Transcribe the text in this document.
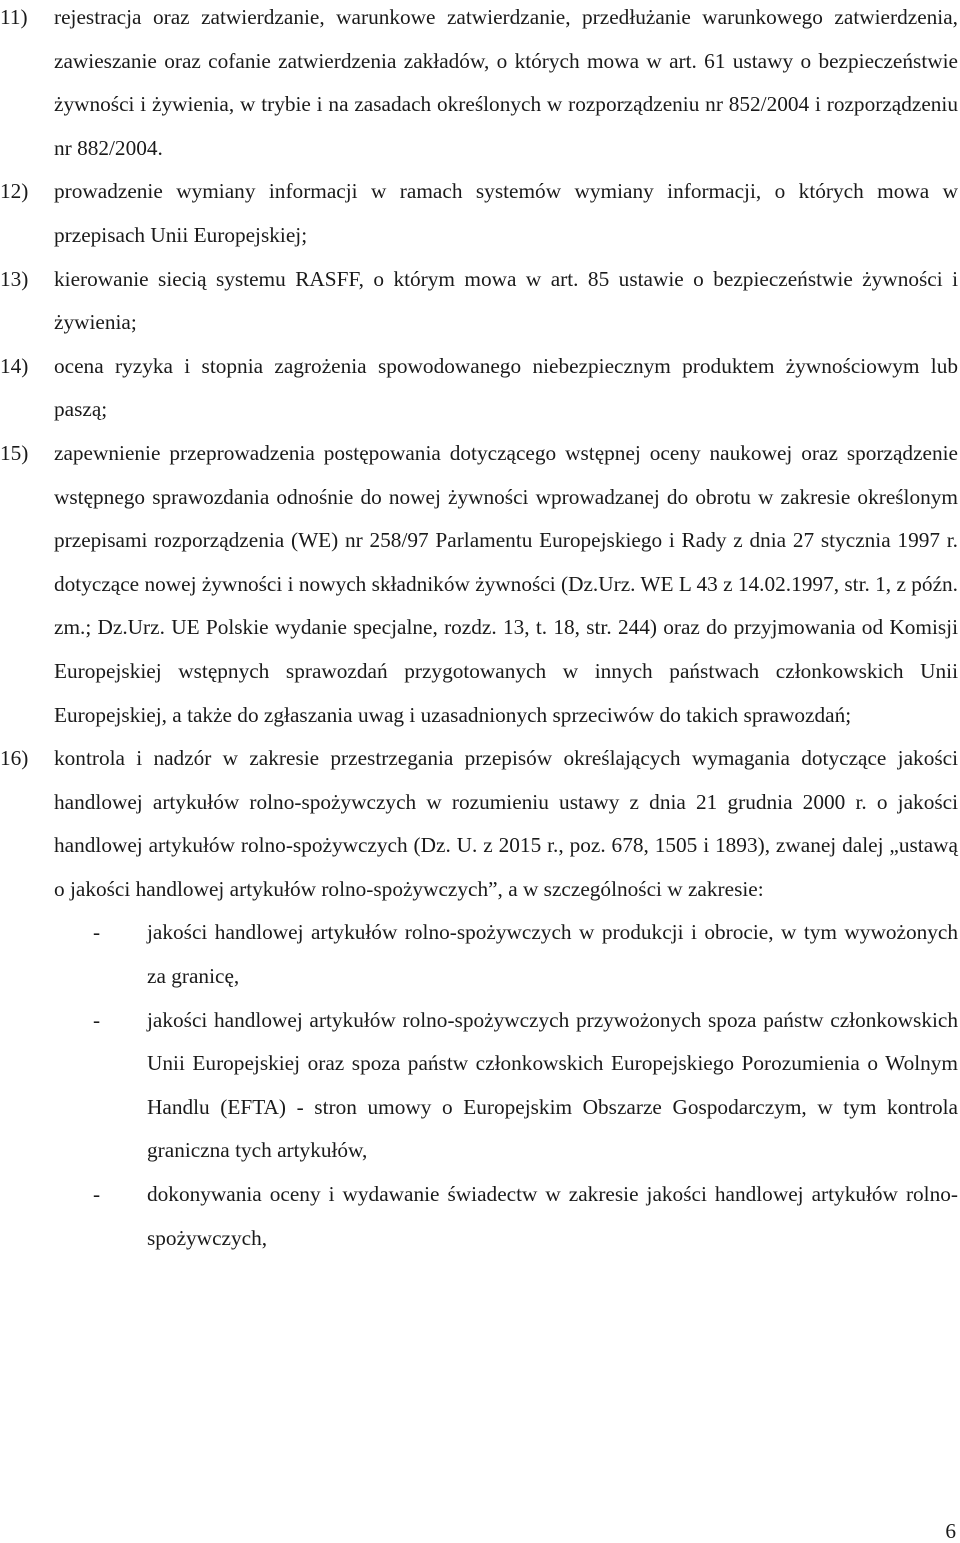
11)	rejestracja oraz zatwierdzanie, warunkowe zatwierdzanie, przedłużanie warunkowego zatwierdzenia, zawieszanie oraz cofanie zatwierdzenia zakładów, o których mowa w art. 61 ustawy o bezpieczeństwie żywności i żywienia, w trybie i na zasadach określonych w rozporządzeniu nr 852/2004 i rozporządzeniu nr 882/2004.
12)	prowadzenie wymiany informacji w ramach systemów wymiany informacji, o których mowa w przepisach Unii Europejskiej;
13)	kierowanie siecią systemu RASFF, o którym mowa w art. 85 ustawie o bezpieczeństwie żywności i żywienia;
14)	ocena ryzyka i stopnia zagrożenia spowodowanego niebezpiecznym produktem żywnościowym lub paszą;
15)	zapewnienie przeprowadzenia postępowania dotyczącego wstępnej oceny naukowej oraz sporządzenie wstępnego sprawozdania odnośnie do nowej żywności wprowadzanej do obrotu w zakresie określonym przepisami rozporządzenia (WE) nr 258/97 Parlamentu Europejskiego i Rady z dnia 27 stycznia 1997 r. dotyczące nowej żywności i nowych składników żywności (Dz.Urz. WE L 43 z 14.02.1997, str. 1, z późn. zm.; Dz.Urz. UE Polskie wydanie specjalne, rozdz. 13, t. 18, str. 244) oraz do przyjmowania od Komisji Europejskiej wstępnych sprawozdań przygotowanych w innych państwach członkowskich Unii Europejskiej, a także do zgłaszania uwag i uzasadnionych sprzeciwów do takich sprawozdań;
16)	kontrola i nadzór w zakresie przestrzegania przepisów określających wymagania dotyczące jakości handlowej artykułów rolno-spożywczych w rozumieniu ustawy z dnia 21 grudnia 2000 r. o jakości handlowej artykułów rolno-spożywczych (Dz. U. z 2015 r., poz. 678, 1505 i 1893), zwanej dalej „ustawą o jakości handlowej artykułów rolno-spożywczych”, a w szczególności w zakresie:
-	jakości handlowej artykułów rolno-spożywczych w produkcji i obrocie, w tym wywożonych za granicę,
-	jakości handlowej artykułów rolno-spożywczych przywożonych spoza państw członkowskich Unii Europejskiej oraz spoza państw członkowskich Europejskiego Porozumienia o Wolnym Handlu (EFTA) - stron umowy o Europejskim Obszarze Gospodarczym, w tym kontrola graniczna tych artykułów,
-	dokonywania oceny i wydawanie świadectw w zakresie jakości handlowej artykułów rolno-spożywczych,
6
